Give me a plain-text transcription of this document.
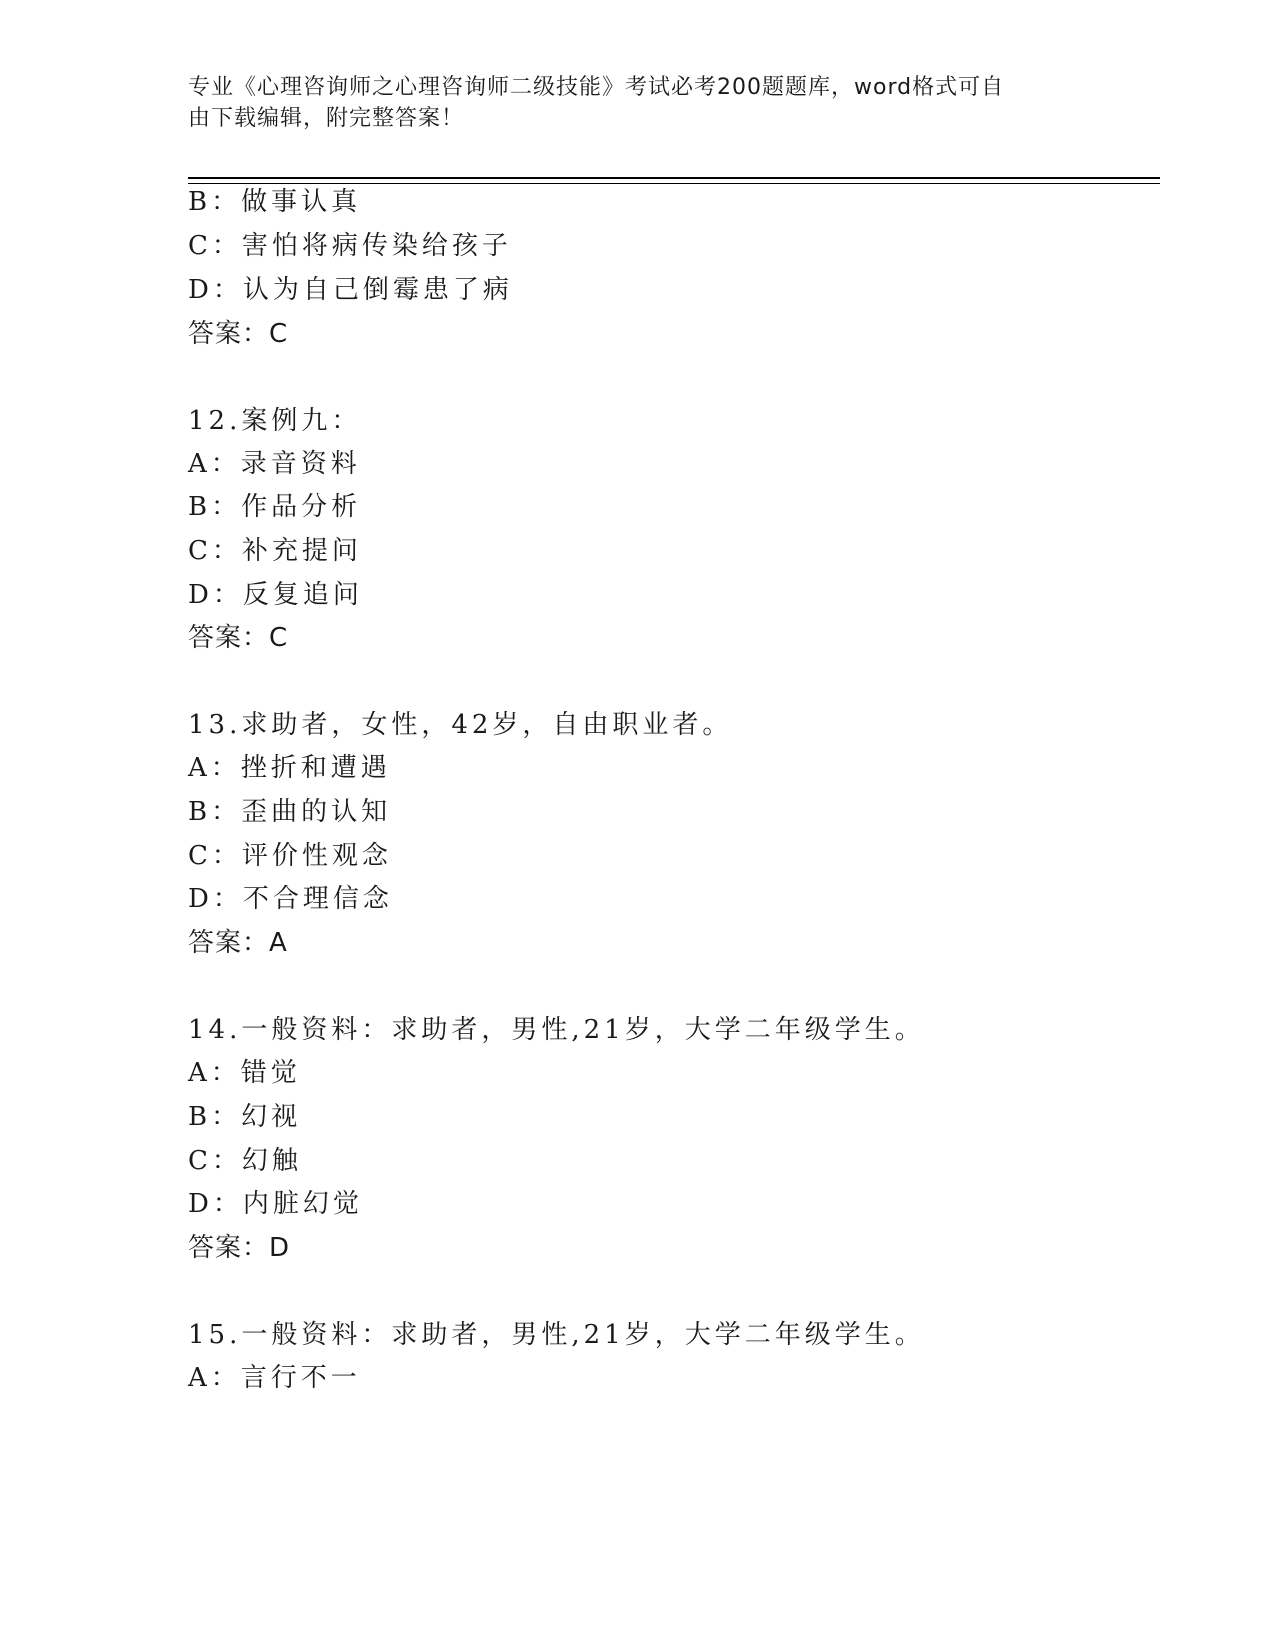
专业《心理咨询师之心理咨询师二级技能》考试必考200题题库，word格式可自
由下载编辑，附完整答案！
B：做事认真
C：害怕将病传染给孩子
D：认为自己倒霉患了病
答案：C
12.案例九：
A：录音资料
B：作品分析
C：补充提问
D：反复追问
答案：C
13.求助者，女性，42岁，自由职业者。
A：挫折和遭遇
B：歪曲的认知
C：评价性观念
D：不合理信念
答案：A
14.一般资料：求助者，男性,21岁，大学二年级学生。
A：错觉
B：幻视
C：幻触
D：内脏幻觉
答案：D
15.一般资料：求助者，男性,21岁，大学二年级学生。
A：言行不一
